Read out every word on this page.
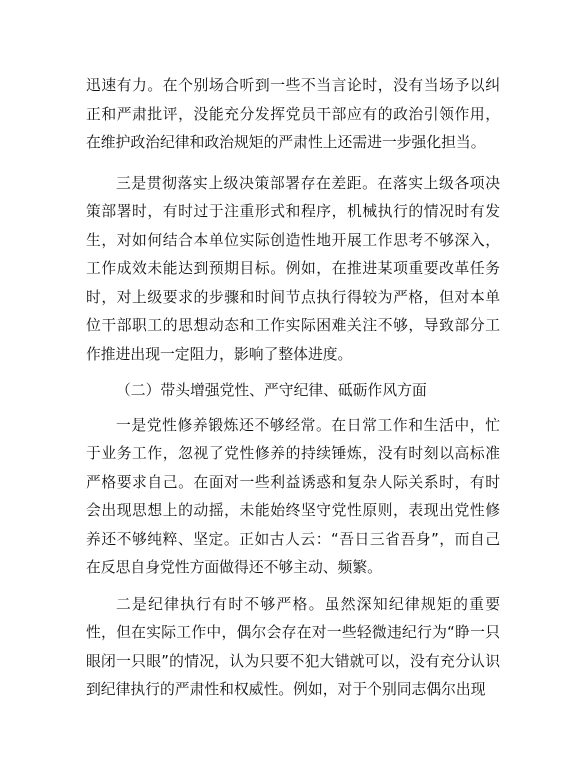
迅速有力。在个别场合听到一些不当言论时，没有当场予以纠正和严肃批评，没能充分发挥党员干部应有的政治引领作用，在维护政治纪律和政治规矩的严肃性上还需进一步强化担当。

三是贯彻落实上级决策部署存在差距。在落实上级各项决策部署时，有时过于注重形式和程序，机械执行的情况时有发生，对如何结合本单位实际创造性地开展工作思考不够深入，工作成效未能达到预期目标。例如，在推进某项重要改革任务时，对上级要求的步骤和时间节点执行得较为严格，但对本单位干部职工的思想动态和工作实际困难关注不够，导致部分工作推进出现一定阻力，影响了整体进度。

（二）带头增强党性、严守纪律、砥砺作风方面

一是党性修养锻炼还不够经常。在日常工作和生活中，忙于业务工作，忽视了党性修养的持续锤炼，没有时刻以高标准严格要求自己。在面对一些利益诱惑和复杂人际关系时，有时会出现思想上的动摇，未能始终坚守党性原则，表现出党性修养还不够纯粹、坚定。正如古人云：“吾日三省吾身”，而自己在反思自身党性方面做得还不够主动、频繁。

二是纪律执行有时不够严格。虽然深知纪律规矩的重要性，但在实际工作中，偶尔会存在对一些轻微违纪行为“睁一只眼闭一只眼”的情况，认为只要不犯大错就可以，没有充分认识到纪律执行的严肃性和权威性。例如，对于个别同志偶尔出现
